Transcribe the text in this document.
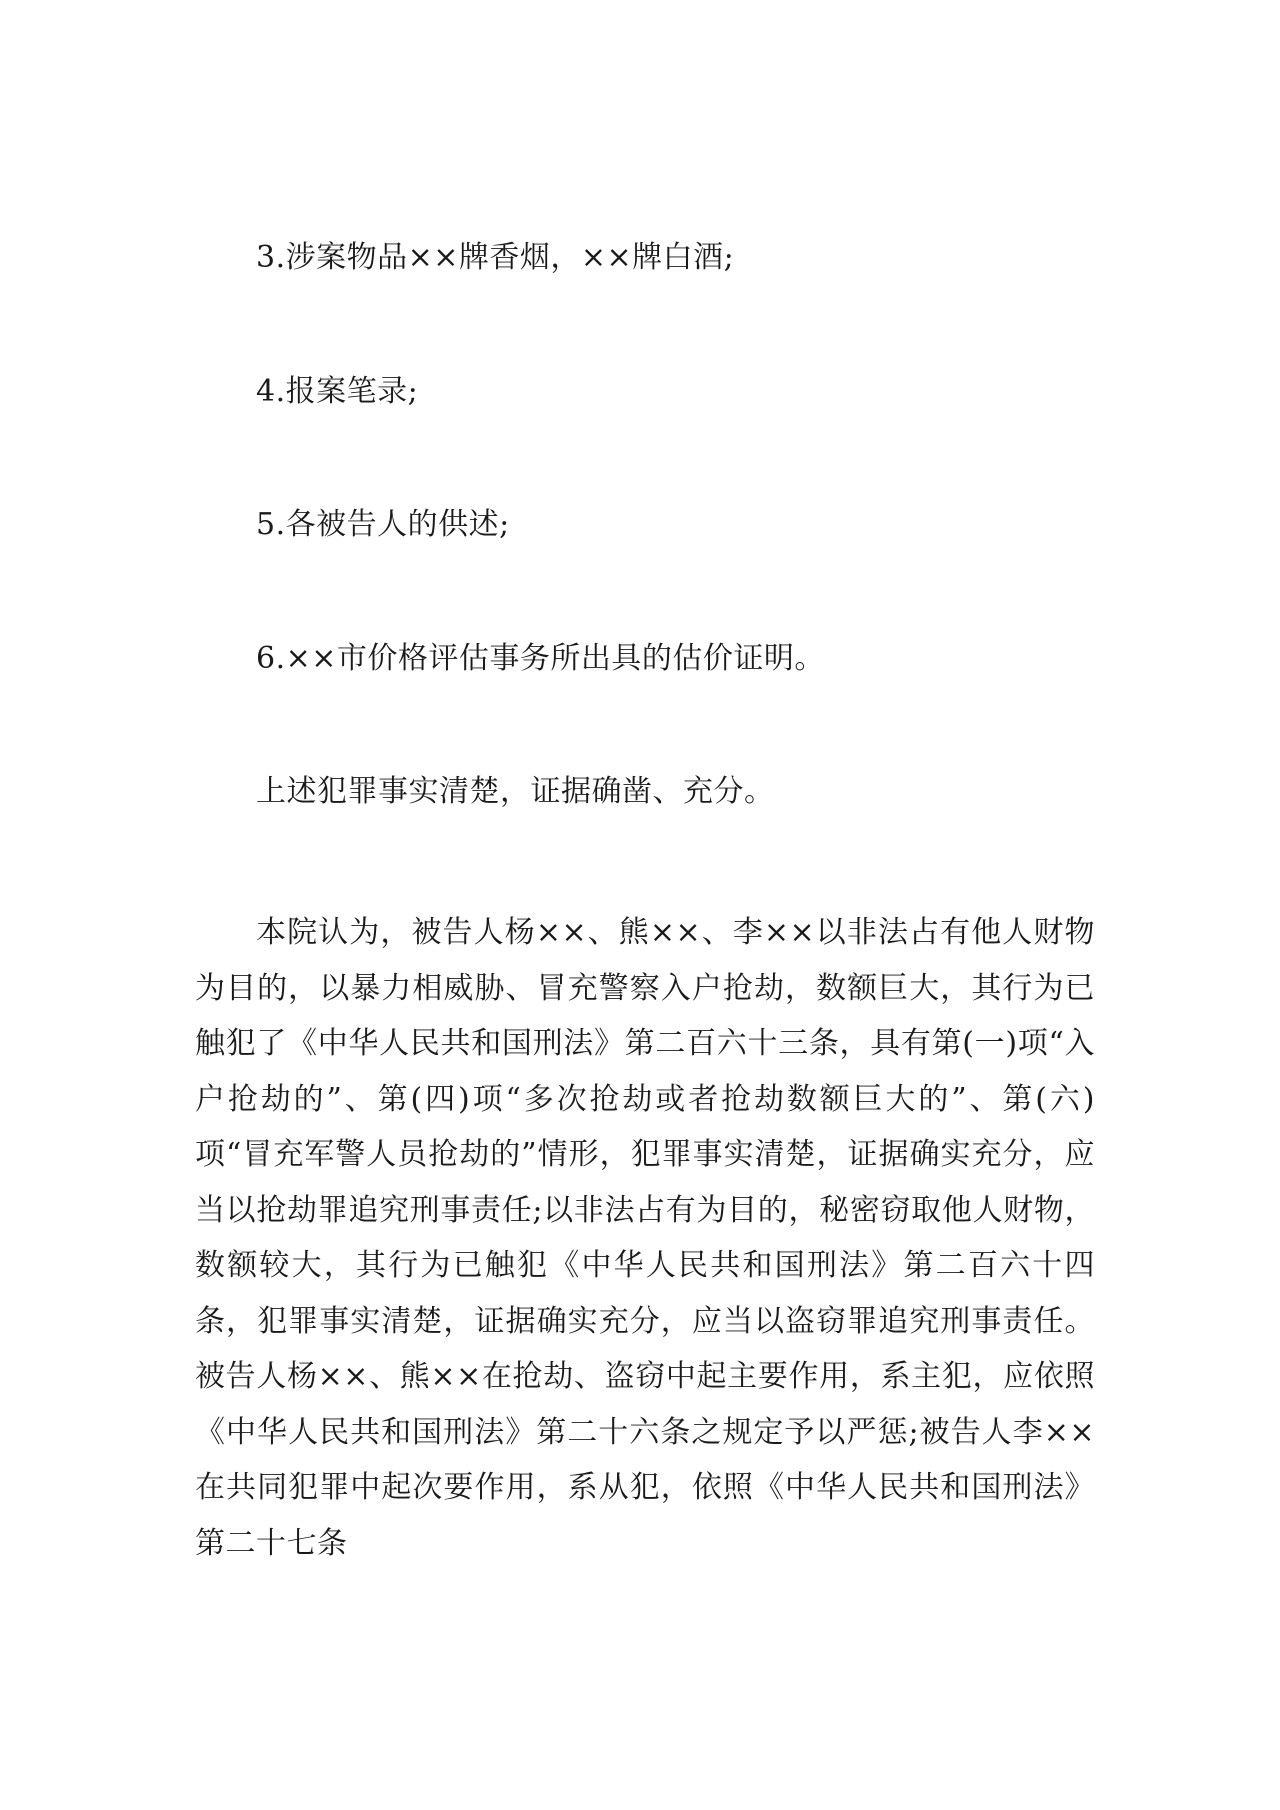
3.涉案物品××牌香烟，××牌白酒;
4.报案笔录;
5.各被告人的供述;
6.××市价格评估事务所出具的估价证明。
上述犯罪事实清楚，证据确凿、充分。

本院认为，被告人杨××、熊××、李××以非法占有他人财物为目的，以暴力相威胁、冒充警察入户抢劫，数额巨大，其行为已触犯了《中华人民共和国刑法》第二百六十三条，具有第(一)项“入户抢劫的”、第(四)项“多次抢劫或者抢劫数额巨大的”、第(六)项“冒充军警人员抢劫的”情形，犯罪事实清楚，证据确实充分，应当以抢劫罪追究刑事责任;以非法占有为目的，秘密窃取他人财物，数额较大，其行为已触犯《中华人民共和国刑法》第二百六十四条，犯罪事实清楚，证据确实充分，应当以盗窃罪追究刑事责任。被告人杨××、熊××在抢劫、盗窃中起主要作用，系主犯，应依照《中华人民共和国刑法》第二十六条之规定予以严惩;被告人李××在共同犯罪中起次要作用，系从犯，依照《中华人民共和国刑法》第二十七条
